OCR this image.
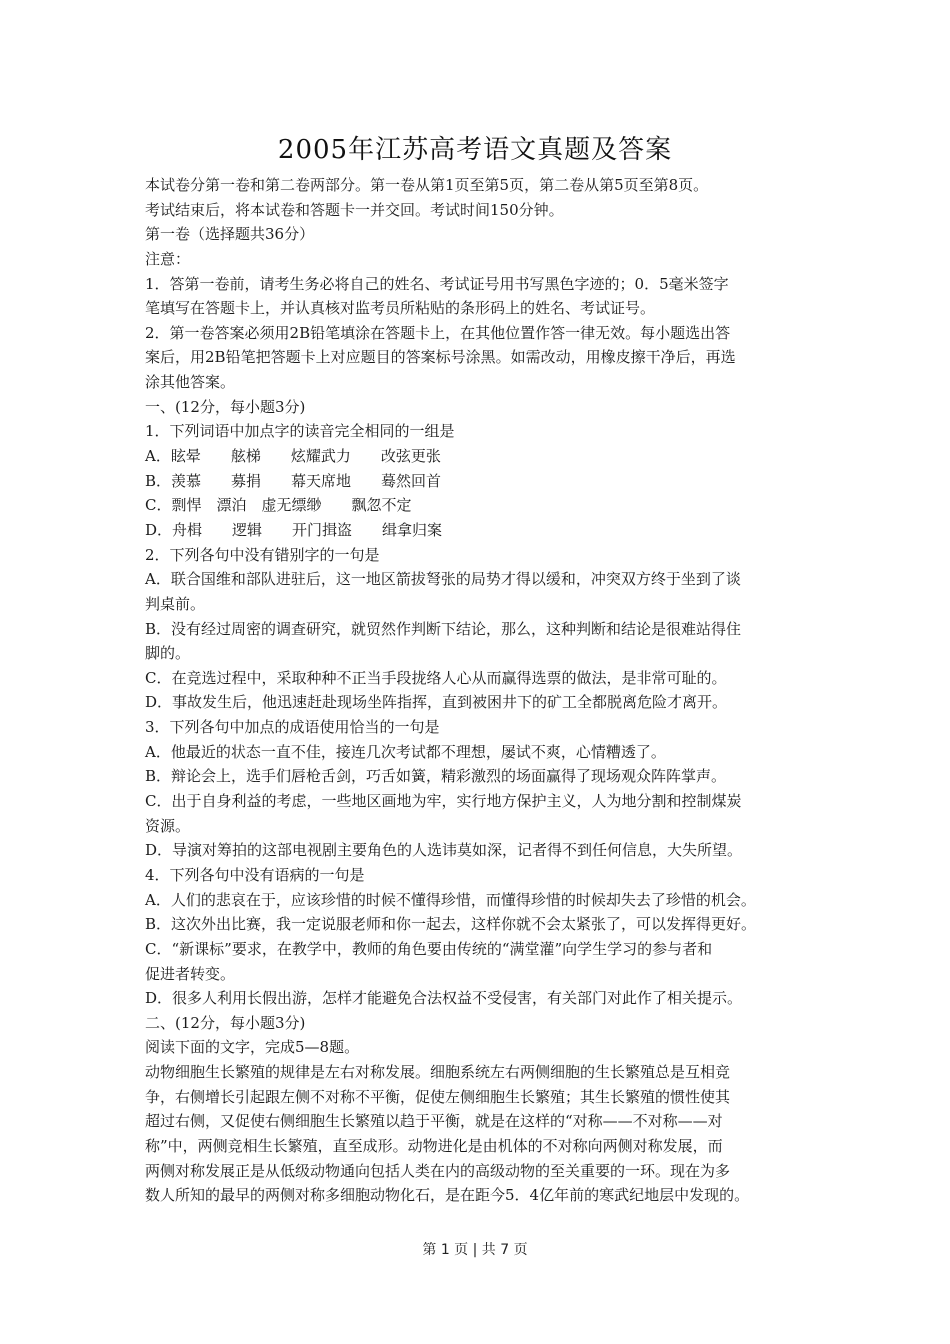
2005年江苏高考语文真题及答案
本试卷分第一卷和第二卷两部分。第一卷从第1页至第5页，第二卷从第5页至第8页。
考试结束后，将本试卷和答题卡一并交回。考试时间150分钟。
第一卷（选择题共36分）
注意：
1．答第一卷前，请考生务必将自己的姓名、考试证号用书写黑色字迹的；0．5毫米签字
笔填写在答题卡上，并认真核对监考员所粘贴的条形码上的姓名、考试证号。
2．第一卷答案必须用2B铅笔填涂在答题卡上，在其他位置作答一律无效。每小题选出答
案后，用2B铅笔把答题卡上对应题目的答案标号涂黑。如需改动，用橡皮擦干净后，再选
涂其他答案。
一、(12分，每小题3分)
1．下列词语中加点字的读音完全相同的一组是
A．眩晕　　舷梯　　炫耀武力　　改弦更张
B．羡慕　　募捐　　幕天席地　　蓦然回首
C．剽悍　漂泊　虚无缥缈　　飘忽不定
D．舟楫　　逻辑　　开门揖盗　　缉拿归案
2．下列各句中没有错别字的一句是
A．联合国维和部队进驻后，这一地区箭拔弩张的局势才得以缓和，冲突双方终于坐到了谈
判桌前。
B．没有经过周密的调查研究，就贸然作判断下结论，那么，这种判断和结论是很难站得住
脚的。
C．在竞选过程中，采取种种不正当手段拢络人心从而赢得选票的做法，是非常可耻的。
D．事故发生后，他迅速赶赴现场坐阵指挥，直到被困井下的矿工全都脱离危险才离开。
3．下列各句中加点的成语使用恰当的一句是
A．他最近的状态一直不佳，接连几次考试都不理想，屡试不爽，心情糟透了。
B．辩论会上，选手们唇枪舌剑，巧舌如簧，精彩激烈的场面赢得了现场观众阵阵掌声。
C．出于自身利益的考虑，一些地区画地为牢，实行地方保护主义，人为地分割和控制煤炭
资源。
D．导演对筹拍的这部电视剧主要角色的人选讳莫如深，记者得不到任何信息，大失所望。
4．下列各句中没有语病的一句是
A．人们的悲哀在于，应该珍惜的时候不懂得珍惜，而懂得珍惜的时候却失去了珍惜的机会。
B．这次外出比赛，我一定说服老师和你一起去，这样你就不会太紧张了，可以发挥得更好。
C．“新课标”要求，在教学中，教师的角色要由传统的“满堂灌”向学生学习的参与者和
促进者转变。
D．很多人利用长假出游，怎样才能避免合法权益不受侵害，有关部门对此作了相关提示。
二、(12分，每小题3分)
阅读下面的文字，完成5—8题。
动物细胞生长繁殖的规律是左右对称发展。细胞系统左右两侧细胞的生长繁殖总是互相竞
争，右侧增长引起跟左侧不对称不平衡，促使左侧细胞生长繁殖；其生长繁殖的惯性使其
超过右侧，又促使右侧细胞生长繁殖以趋于平衡，就是在这样的“对称——不对称——对
称”中，两侧竞相生长繁殖，直至成形。动物进化是由机体的不对称向两侧对称发展，而
两侧对称发展正是从低级动物通向包括人类在内的高级动物的至关重要的一环。现在为多
数人所知的最早的两侧对称多细胞动物化石，是在距今5．4亿年前的寒武纪地层中发现的。
第 1 页 | 共 7 页
